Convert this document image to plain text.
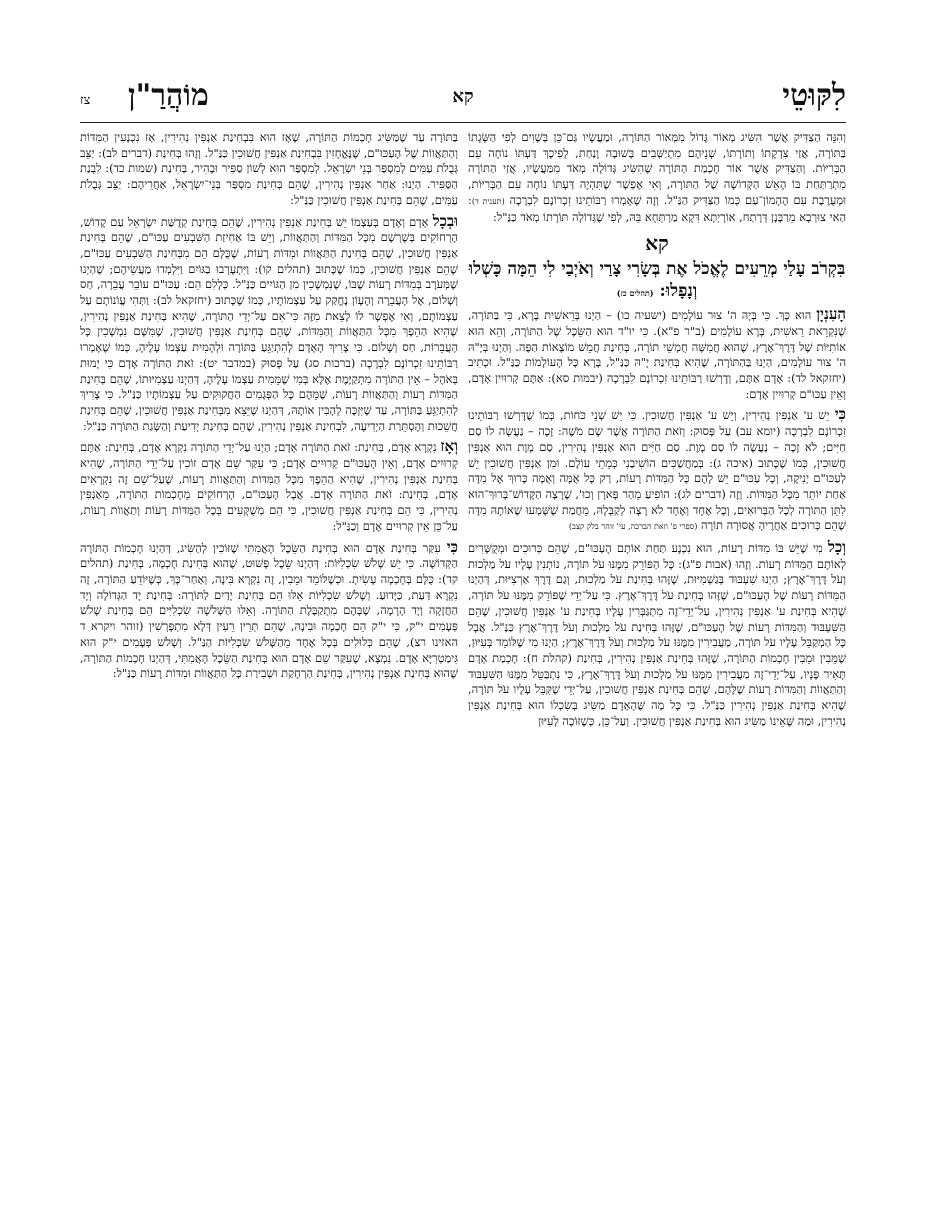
לִקּוּטֵי
קא
מוֹהֲרַ"ן
צז

וְהִנֵּה הַצַּדִּיק אֲשֶׁר הִשִּׂיג מְאוֹר גָּדוֹל מִמְּאוֹר הַתּוֹרָה, וּמַעֲשָׂיו גַּם־כֵּן בְּשָׁוִים לְפִי הַשָּׂגָתוֹ בַּתּוֹרָה, אֲזַי צִדְקָתוֹ וְתוֹרָתוֹ, שְׁנֵיהֶם מִתְיַשְּׁבִים בְּשׁוּבָה וָנַחַת, לְפִיכָךְ דַּעְתּוֹ נוֹחָה עִם הַבְּרִיּוֹת. וְהַצַּדִּיק אֲשֶׁר אוֹר חָכְמַת הַתּוֹרָה שֶׁהִשִּׂיג גְּדוֹלָה מְאֹד מִמַּעֲשָׂיו, אֲזַי הַתּוֹרָה מִתְרַתַּחַת בּוֹ הָאֵשׁ הַקְּדוֹשָׁה שֶׁל הַתּוֹרָה, וְאִי אֶפְשָׁר שֶׁתִּהְיֶה דַּעְתּוֹ נוֹחָה עִם הַבְּרִיּוֹת, וּמְעֻרֶבֶת עִם הֶהָמוֹן־עַם כְּמוֹ הַצַּדִּיק הַנַּ"ל. וְזֶה שֶׁאָמְרוּ רַבּוֹתֵינוּ זִכְרוֹנָם לִבְרָכָה (תענית ד): הַאי צוּרְבָא מֵרַבָּנָן דְּרָתַח, אוֹרָיְתָא דִּקָא מַרְתְּחָא בֵּהּ, לְפִי שֶׁגְּדוֹלָה תּוֹרָתוֹ מְאֹד כַּנַּ"ל:

קא
בִּקְרֹב עָלַי מְרֵעִים לֶאֱכֹל אֶת בְּשָׂרִי צָרַי וְאֹיְבַי לִי הֵמָּה כָּשְׁלוּ וְנָפָלוּ: (תהלים כז)

הָעִנְיָן הוּא כָּךְ. כִּי בְּיָהּ ה' צוּר עוֹלָמִים (ישעיה כו) – הַיְנוּ בְּרֵאשִׁית בָּרָא, כִּי בַּתּוֹרָה, שֶׁנִּקְרֵאת רֵאשִׁית, בָּרָא עוֹלָמִים (ב"ר פ"א). כִּי יוּ"ד הוּא הַשֵּׂכֶל שֶׁל הַתּוֹרָה, וְהֵא הוּא אוֹתִיּוֹת שֶׁל דֶּרֶךְ־אֶרֶץ, שֶׁהוּא חֲמִשָּׁה חֻמְשֵׁי תוֹרָה, בְּחִינַת חֲמֵשׁ מוֹצָאוֹת הַפֶּה. וְהַיְנוּ בְּיָ"הּ ה' צוּר עוֹלָמִים, הַיְנוּ בַּהַתּוֹרָה, שֶׁהִיא בְּחִינַת יָ"הּ כַּנַּ"ל, בָּרָא כָּל הָעוֹלָמוֹת כַּנַּ"ל. וּכְתִיב (יחזקאל לד): אָדָם אַתֶּם, וְדָרְשׁוּ רַבּוֹתֵינוּ זִכְרוֹנָם לִבְרָכָה (יבמות סא): אַתֶּם קְרוּיִין אָדָם, וְאֵין עַכּוּ"ם קְרוּיִין אָדָם:

כִּי יֵשׁ ע' אַנְפִּין נְהִירִין, וְיֵשׁ ע' אַנְפִּין חֲשׁוּכִין. כִּי יֵשׁ שְׁנֵי כֹּחוֹת, כְּמוֹ שֶׁדָּרְשׁוּ רַבּוֹתֵינוּ זִכְרוֹנָם לִבְרָכָה (יומא עב) עַל פָּסוּק: וְזֹאת הַתּוֹרָה אֲשֶׁר שָׂם מֹשֶׁה: זָכָה – נַעֲשָׂה לוֹ סַם חַיִּים; לֹא זָכָה – נַעֲשָׂה לוֹ סַם מָוֶת. סַם חַיִּים הוּא אַנְפִּין נְהִירִין, סַם מָוֶת הוּא אַנְפִּין חֲשׁוּכִין, כְּמוֹ שֶׁכָּתוּב (איכה ג): בְּמַחֲשַׁכִּים הוֹשִׁיבַנִי כְּמֵתֵי עוֹלָם. וּמִן אַנְפִּין חֲשׁוּכִין יֵשׁ לְעַכּוּ"ם יְנִיקָה, וְכָל עַכּוּ"ם יֵשׁ לָהֶם כָּל הַמִּדּוֹת רָעוֹת, רַק כָּל אֻמָּה וְאֻמָּה כָּרוּךְ אֶל מִדָּה אַחַת יוֹתֵר מִכָּל הַמִּדּוֹת. וְזֶה (דברים לג): הוֹפִיעַ מֵהַר פָּארָן וְכוּ', שֶׁרָצָה הַקָּדוֹשׁ־בָּרוּךְ־הוּא לִתֵּן הַתּוֹרָה לְכָל הַבְּרוּאִים, וְכָל אֶחָד וְאֶחָד לֹא רָצָה לְקַבְּלָהּ, מֵחֲמַת שֶׁשָּׁמְעוּ שֶׁאוֹתָהּ מִדָּה שֶׁהֵם כְּרוּכִים אַחֲרֶיהָ אֲסוּרָה תוֹרָה (ספרי פ' וזאת הברכה, עי' זוהר בלק קצב)

וְכָל מִי שֶׁיֵּשׁ בּוֹ מִדּוֹת רָעוֹת, הוּא נִכְנָע תַּחַת אוֹתָם הָעַכּוּ"ם, שֶׁהֵם כְּרוּכִים וּמְקֻשָּׁרִים לְאוֹתָם הַמִּדּוֹת רָעוֹת. וְזֶהוּ (אבות פ"ג): כָּל הַפּוֹרֵק מִמֶּנּוּ עֹל תּוֹרָה, נוֹתְנִין עָלָיו עֹל מַלְכוּת וְעֹל דֶּרֶךְ־אֶרֶץ; הַיְנוּ שִׁעְבּוּד בְּגַשְׁמִיּוּת, שֶׁזֶּהוּ בְּחִינַת עֹל מַלְכוּת, וְגַם דֶּרֶךְ אַרְצִיּוּת, דְּהַיְנוּ הַמִּדּוֹת רָעוֹת שֶׁל הָעַכּוּ"ם, שֶׁזֶּהוּ בְּחִינַת עֹל דֶּרֶךְ־אֶרֶץ. כִּי עַל־יְדֵי שֶׁפּוֹרֵק מִמֶּנּוּ עֹל תּוֹרָה, שֶׁהִיא בְּחִינַת ע' אַנְפִּין נְהִירִין, עַל־יְדֵי־זֶה מִתְגַּבְּרִין עָלָיו בְּחִינַת ע' אַנְפִּין חֲשׁוּכִין, שֶׁהֵם הַשִּׁעְבּוּד וְהַמִּדּוֹת רָעוֹת שֶׁל הָעַכּוּ"ם, שֶׁזֶּהוּ בְּחִינַת עֹל מַלְכוּת וְעֹל דֶּרֶךְ־אֶרֶץ כַּנַּ"ל. אֲבָל כָּל הַמְקַבֵּל עָלָיו עֹל תּוֹרָה, מַעֲבִירִין מִמֶּנּוּ עֹל מַלְכוּת וְעֹל דֶּרֶךְ־אֶרֶץ; הַיְנוּ מִי שֶׁלּוֹמֵד בְּעִיּוּן, שֶׁמֵּבִין וּמֵבִין חָכְמוֹת הַתּוֹרָה, שֶׁזֶּהוּ בְּחִינַת אַנְפִּין נְהִירִין, בְּחִינַת (קהלת ח): חָכְמַת אָדָם תָּאִיר פָּנָיו, עַל־יְדֵי־זֶה מַעֲבִירִין מִמֶּנּוּ עֹל מַלְכוּת וְעֹל דֶּרֶךְ־אֶרֶץ, כִּי נִתְבַּטֵּל מִמֶּנּוּ הַשִּׁעְבּוּד וְהַתַּאֲווֹת וְהַמִּדּוֹת רָעוֹת שֶׁלָּהֶם, שֶׁהֵם בְּחִינַת אַנְפִּין חֲשׁוּכִין, עַל־יְדֵי שֶׁקִּבֵּל עָלָיו עֹל תּוֹרָה, שֶׁהִיא בְּחִינַת אַנְפִּין נְהִירִין כַּנַּ"ל. כִּי כָּל מַה שֶּׁהָאָדָם מַשִּׂיג בְּשִׂכְלוֹ הוּא בְּחִינַת אַנְפִּין נְהִירִין, וּמַה שֶּׁאֵינוֹ מַשִּׂיג הוּא בְּחִינַת אַנְפִּין חֲשׁוּכִין. וְעַל־כֵּן, כְּשֶׁזּוֹכֶה לְעִיּוּן

בַּתּוֹרָה עַד שֶׁמַּשִּׂיג חָכְמוֹת הַתּוֹרָה, שֶׁאָז הוּא בִּבְחִינַת אַנְפִּין נְהִירִין, אָז נִכְנָעִין הַמִּדּוֹת וְהַתַּאֲווֹת שֶׁל הָעַכּוּ"ם, שֶׁנֶּאֱחָזִין בִּבְחִינַת אַנְפִּין חֲשׁוּכִין כַּנַּ"ל. וְזֶהוּ בְּחִינַת (דברים לב): יַצֵּב גְּבֻלֹת עַמִּים לְמִסְפַּר בְּנֵי יִשְׂרָאֵל. לְמִסְפַּר הוּא לְשׁוֹן סַפִּיר וּבָהִיר, בְּחִינַת (שמות כד): לִבְנַת הַסַּפִּיר. הַיְנוּ: אַחַר אַנְפִּין נְהִירִין, שֶׁהֵם בְּחִינַת מִסְפַּר בְּנֵי־יִשְׂרָאֵל, אַחֲרֵיהֶם: יַצֵּב גְּבֻלֹת עַמִּים, שֶׁהֵם בְּחִינַת אַנְפִּין חֲשׁוּכִין כַּנַּ"ל:

וּבְכָל אָדָם וְאָדָם בְּעַצְמוֹ יֵשׁ בְּחִינַת אַנְפִּין נְהִירִין, שֶׁהֵם בְּחִינַת קְדֻשַּׁת יִשְׂרָאֵל עַם קָדוֹשׁ, הָרְחוֹקִים בְּשָׁרְשָׁם מִכָּל הַמִּדּוֹת וְהַתַּאֲווֹת, וְיֵשׁ בּוֹ אַחִיזַת הַשִּׁבְעִים עַכּוּ"ם, שֶׁהֵם בְּחִינַת אַנְפִּין חֲשׁוּכִין, שֶׁהֵם בְּחִינַת הַתַּאֲווֹת וּמִדּוֹת רָעוֹת, שֶׁכֻּלָּם הֵם מִבְּחִינַת הַשִּׁבְעִים עַכּוּ"ם, שֶׁהֵם אַנְפִּין חֲשׁוּכִין, כְּמוֹ שֶׁכָּתוּב (תהלים קו): וַיִּתְעָרְבוּ בַגּוֹיִם וַיִּלְמְדוּ מַעֲשֵׂיהֶם; שֶׁהַיְנוּ שֶׁמְּעֹרָב בְּמִדּוֹת רָעוֹת שֶׁבּוֹ, שֶׁנִּמְשָׁכִין מִן הַגּוֹיִים כַּנַּ"ל. כְּלָלִם הֵם: עַכּוּ"ם עוֹבֵר עֲבֵרָה, חַס וְשָׁלוֹם, אֶל הָעֲבֵרָה וְהֶעָוֹן נֶחֱקַק עַל עַצְמוֹתָיו, כְּמוֹ שֶׁכָּתוּב (יחזקאל לב): וַתְּהִי עֲוֹנוֹתָם עַל עַצְמוֹתָם, וְאִי אֶפְשָׁר לוֹ לָצֵאת מִזֶּה כִּי־אִם עַל־יְדֵי הַתּוֹרָה, שֶׁהִיא בְּחִינַת אַנְפִּין נְהִירִין, שֶׁהִיא הַהֵפֶךְ מִכָּל הַתַּאֲווֹת וְהַמִּדּוֹת, שֶׁהֵם בְּחִינַת אַנְפִּין חֲשׁוּכִין, שֶׁמִּשָּׁם נִמְשָׁכִין כָּל הָעֲבֵרוֹת, חַס וְשָׁלוֹם. כִּי צָרִיךְ הָאָדָם לְהִתְיַגֵּעַ בַּתּוֹרָה וּלְהָמִית עַצְמוֹ עָלֶיהָ, כְּמוֹ שֶׁאָמְרוּ רַבּוֹתֵינוּ זִכְרוֹנָם לִבְרָכָה (ברכות סג) עַל פָּסוּק (במדבר יט): זֹאת הַתּוֹרָה אָדָם כִּי יָמוּת בְּאֹהֶל – אֵין הַתּוֹרָה מִתְקַיֶּמֶת אֶלָּא בְּמִי שֶׁמֵּמִית עַצְמוֹ עָלֶיהָ, דְּהַיְנוּ עַצְמִיּוּתוֹ, שֶׁהֵם בְּחִינַת הַמִּדּוֹת רָעוֹת וְהַתַּאֲווֹת רָעוֹת, שֶׁמֵּהֶם כָּל הַפְּגָמִים הַחֲקוּקִים עַל עַצְמוֹתָיו כַּנַּ"ל. כִּי צָרִיךְ לְהִתְיַגֵּעַ בַּתּוֹרָה, עַד שֶׁיִּזְכֶּה לְהָבִין אוֹתָהּ, דְּהַיְנוּ שֶׁיֵּצֵא מִבְּחִינַת אַנְפִּין חֲשׁוּכִין, שֶׁהֵם בְּחִינַת חֲשֵׁכוּת וְהֶסְתֵּרַת הַיְדִיעָה, לִבְחִינַת אַנְפִּין נְהִירִין, שֶׁהֵם בְּחִינַת יְדִיעַת וְהַשָּׂגַת הַתּוֹרָה כַּנַּ"ל:

וְאָז נִקְרָא אָדָם, בְּחִינַת: זֹאת הַתּוֹרָה אָדָם; הַיְנוּ עַל־יְדֵי הַתּוֹרָה נִקְרָא אָדָם, בְּחִינַת: אַתֶּם קְרוּיִים אָדָם, וְאֵין הָעַכּוּ"ם קְרוּיִים אָדָם; כִּי עִקַּר שֵׁם אָדָם זוֹכִין עַל־יְדֵי הַתּוֹרָה, שֶׁהִיא בְּחִינַת אַנְפִּין נְהִירִין, שֶׁהִיא הַהֵפֶךְ מִכָּל הַמִּדּוֹת וְהַתַּאֲווֹת רָעוֹת, שֶׁעַל־שֵׁם זֶה נִקְרָאִים אָדָם, בְּחִינַת: זֹאת הַתּוֹרָה אָדָם. אֲבָל הָעַכּוּ"ם, הָרְחוֹקִים מֵחָכְמוֹת הַתּוֹרָה, מֵאַנְפִּין נְהִירִין, כִּי הֵם בְּחִינַת אַנְפִּין חֲשׁוּכִין, כִּי הֵם מְשֻׁקָּעִים בְּכָל הַמִּדּוֹת רָעוֹת וְתַאֲווֹת רָעוֹת, עַל־כֵּן אֵין קְרוּיִים אָדָם וְכַנַּ"ל:

כִּי עִקַּר בְּחִינַת אָדָם הוּא בְּחִינַת הַשֵּׂכֶל הָאֲמִתִּי שֶׁזּוֹכִין לְהַשִּׂיג, דְּהַיְנוּ חָכְמוֹת הַתּוֹרָה הַקְּדוֹשָׁה. כִּי יֵשׁ שָׁלֹשׁ שִׂכְלִיּוֹת: דְּהַיְנוּ שֵׂכֶל פָּשׁוּט, שֶׁהוּא בְּחִינַת חָכְמָה, בְּחִינַת (תהלים קד): כֻּלָּם בְּחָכְמָה עָשִׂיתָ. וּכְשֶׁלּוֹמֵד וּמֵבִין, זֶה נִקְרָא בִּינָה, וְאַחַר־כָּךְ, כְּשֶׁיּוֹדֵעַ הַתּוֹרָה, זֶה נִקְרָא דַּעַת, כַּיָּדוּעַ. וְשָׁלֹשׁ שִׂכְלִיּוֹת אֵלּוּ הֵם בְּחִינַת יָדַיִם לַתּוֹרָה: בְּחִינַת יָד הַגְּדוֹלָה וְיָד הַחֲזָקָה וְיָד הָרָמָה, שֶׁבָּהֶם מִתְקַבֶּלֶת הַתּוֹרָה. וְאֵלּוּ הַשְּׁלֹשָׁה שִׂכְלִיִּים הֵם בְּחִינַת שָׁלֹשׁ פְּעָמִים י"ק, כִּי י"ק הֵם חָכְמָה וּבִינָה, שֶׁהֵם תְּרֵין רֵעִין דְּלָא מִתְפָּרְשִׁין (זוהר ויקרא ד האזינו רצ), שֶׁהֵם כְּלוּלִים בְּכָל אֶחָד מֵהַשָּׁלֹשׁ שִׂכְלִיּוֹת הַנַּ"ל. וְשָׁלֹשׁ פְּעָמִים י"ק הוּא גִּימַטְרִיָּא אָדָם. נִמְצָא, שֶׁעִקַּר שֵׁם אָדָם הוּא בְּחִינַת הַשֵּׂכֶל הָאֲמִתִּי, דְּהַיְנוּ חָכְמוֹת הַתּוֹרָה, שֶׁהוּא בְּחִינַת אַנְפִּין נְהִירִין, בְּחִינַת הַרְחָקַת וּשְׁבִירַת כָּל הַתַּאֲווֹת וּמִדּוֹת רָעוֹת כַּנַּ"ל:
